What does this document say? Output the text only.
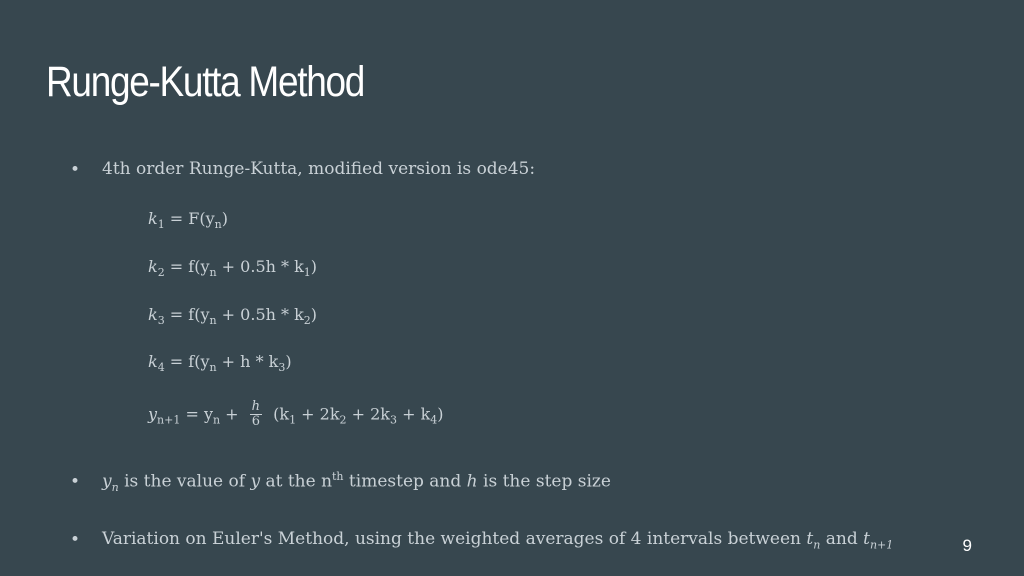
Runge-Kutta Method
• 4th order Runge-Kutta, modified version is ode45:
$k_1 = F(y_n)$
$k_2 = f(y_n + 0.5h * k_1)$
$k_3 = f(y_n + 0.5h * k_2)$
$k_4 = f(y_n + h * k_3)$
$y_{n+1} = y_n + \frac{h}{6} (k_1 + 2k_2 + 2k_3 + k_4)$
• $y_n$ is the value of y at the $n^{th}$ timestep and h is the step size
• Variation on Euler's Method, using the weighted averages of 4 intervals between $t_n$ and $t_{n+1}$	9
